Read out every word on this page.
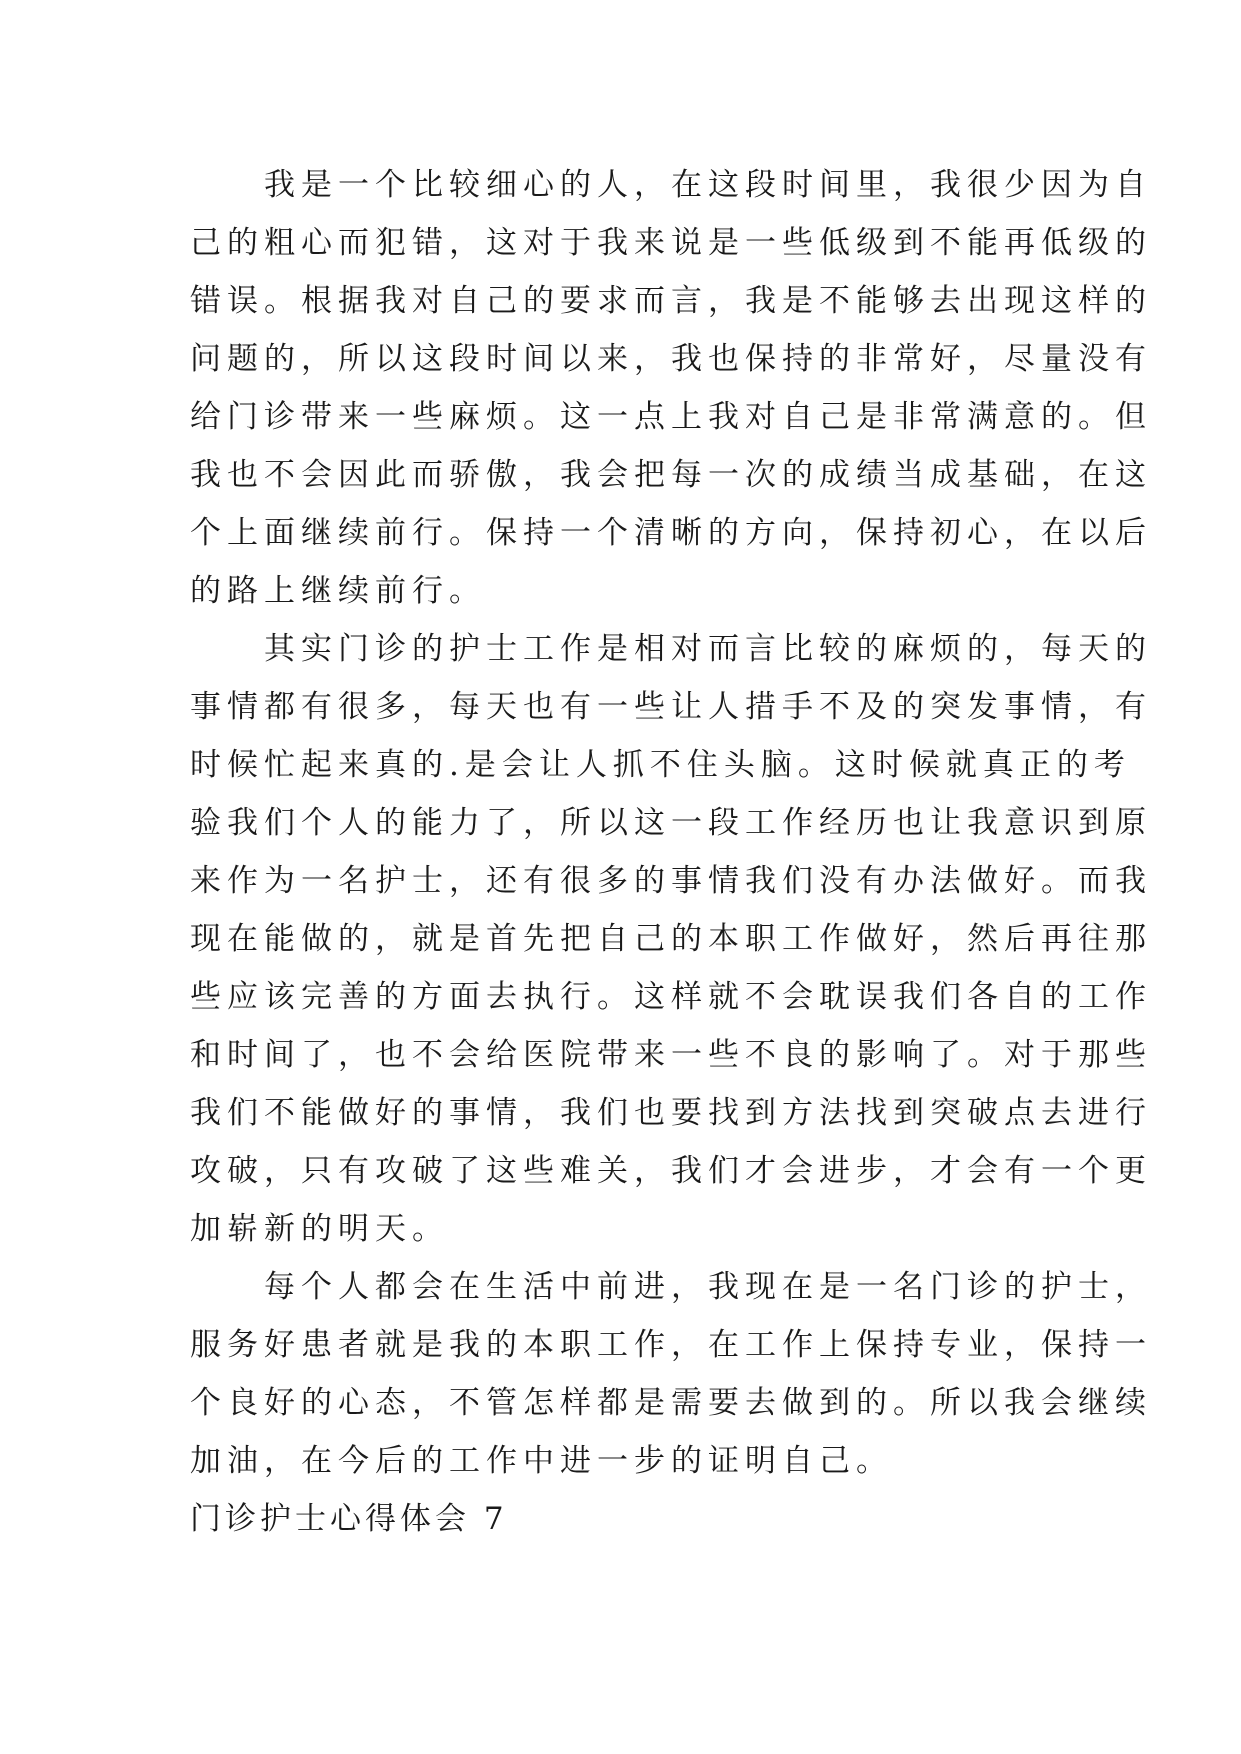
　　我是一个比较细心的人，在这段时间里，我很少因为自
己的粗心而犯错，这对于我来说是一些低级到不能再低级的
错误。根据我对自己的要求而言，我是不能够去出现这样的
问题的，所以这段时间以来，我也保持的非常好，尽量没有
给门诊带来一些麻烦。这一点上我对自己是非常满意的。但
我也不会因此而骄傲，我会把每一次的成绩当成基础，在这
个上面继续前行。保持一个清晰的方向，保持初心，在以后
的路上继续前行。
　　其实门诊的护士工作是相对而言比较的麻烦的，每天的
事情都有很多，每天也有一些让人措手不及的突发事情，有
时候忙起来真的.是会让人抓不住头脑。这时候就真正的考
验我们个人的能力了，所以这一段工作经历也让我意识到原
来作为一名护士，还有很多的事情我们没有办法做好。而我
现在能做的，就是首先把自己的本职工作做好，然后再往那
些应该完善的方面去执行。这样就不会耽误我们各自的工作
和时间了，也不会给医院带来一些不良的影响了。对于那些
我们不能做好的事情，我们也要找到方法找到突破点去进行
攻破，只有攻破了这些难关，我们才会进步，才会有一个更
加崭新的明天。
　　每个人都会在生活中前进，我现在是一名门诊的护士，
服务好患者就是我的本职工作，在工作上保持专业，保持一
个良好的心态，不管怎样都是需要去做到的。所以我会继续
加油，在今后的工作中进一步的证明自己。
门诊护士心得体会 7
